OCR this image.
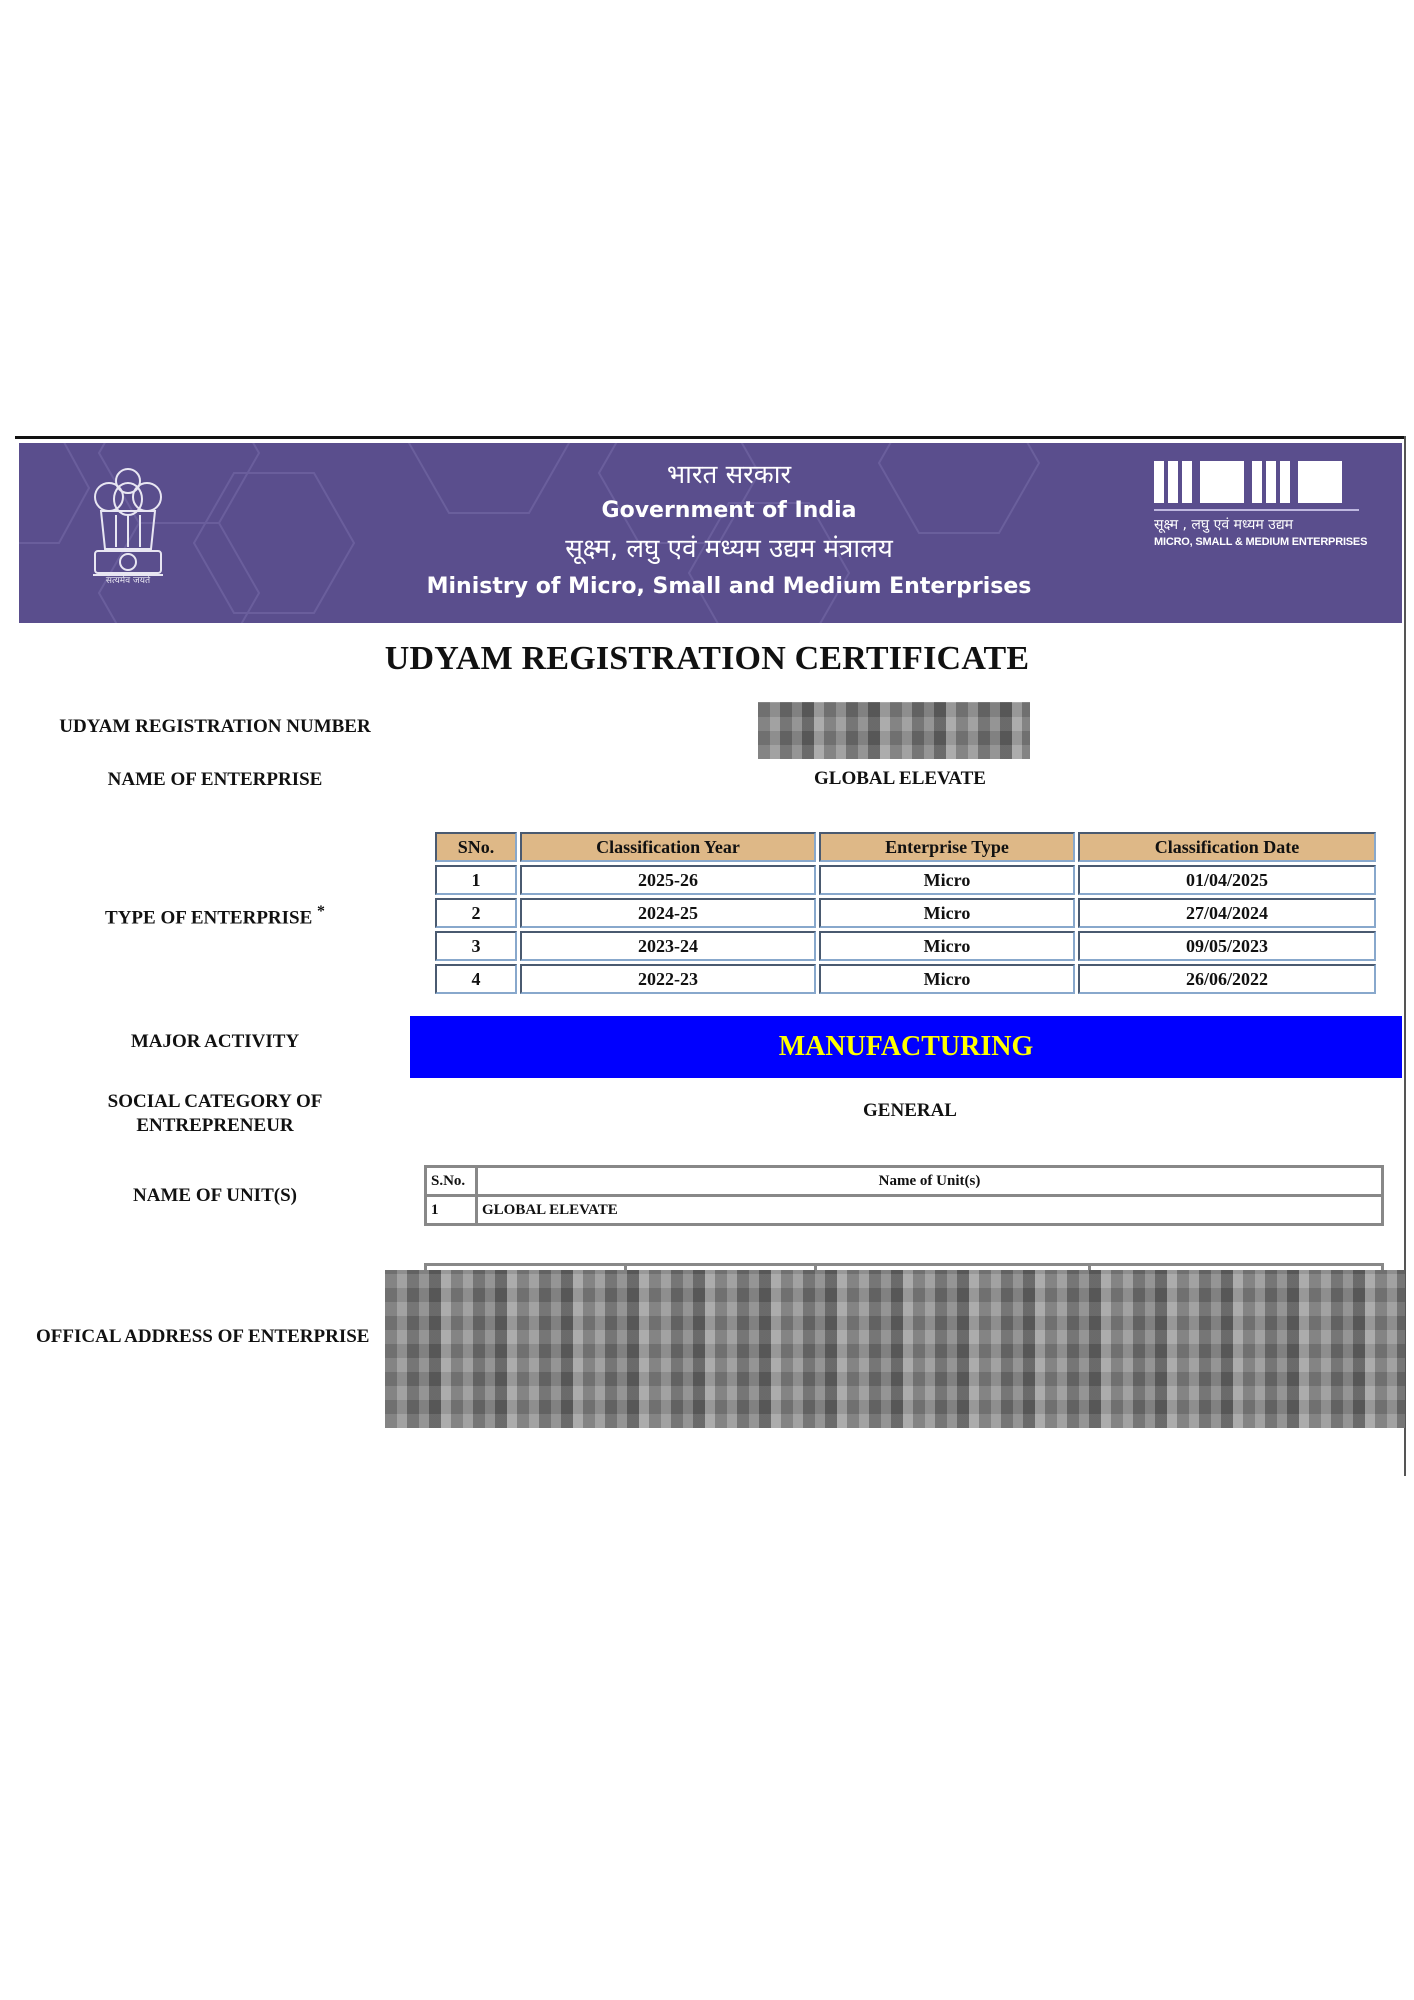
सत्यमेव जयते
भारत सरकार
Government of India
सूक्ष्म, लघु एवं मध्यम उद्यम मंत्रालय
Ministry of Micro, Small and Medium Enterprises
सूक्ष्म , लघु एवं मध्यम उद्यम
MICRO, SMALL & MEDIUM ENTERPRISES
UDYAM REGISTRATION CERTIFICATE
UDYAM REGISTRATION NUMBER
NAME OF ENTERPRISE	GLOBAL ELEVATE
TYPE OF ENTERPRISE *
SNo.	Classification Year	Enterprise Type	Classification Date
1	2025-26	Micro	01/04/2025
2	2024-25	Micro	27/04/2024
3	2023-24	Micro	09/05/2023
4	2022-23	Micro	26/06/2022
MAJOR ACTIVITY	MANUFACTURING
SOCIAL CATEGORY OF
ENTREPRENEUR
GENERAL
NAME OF UNIT(S)
S.No.	Name of Unit(s)
1	GLOBAL ELEVATE
OFFICAL ADDRESS OF ENTERPRISE
